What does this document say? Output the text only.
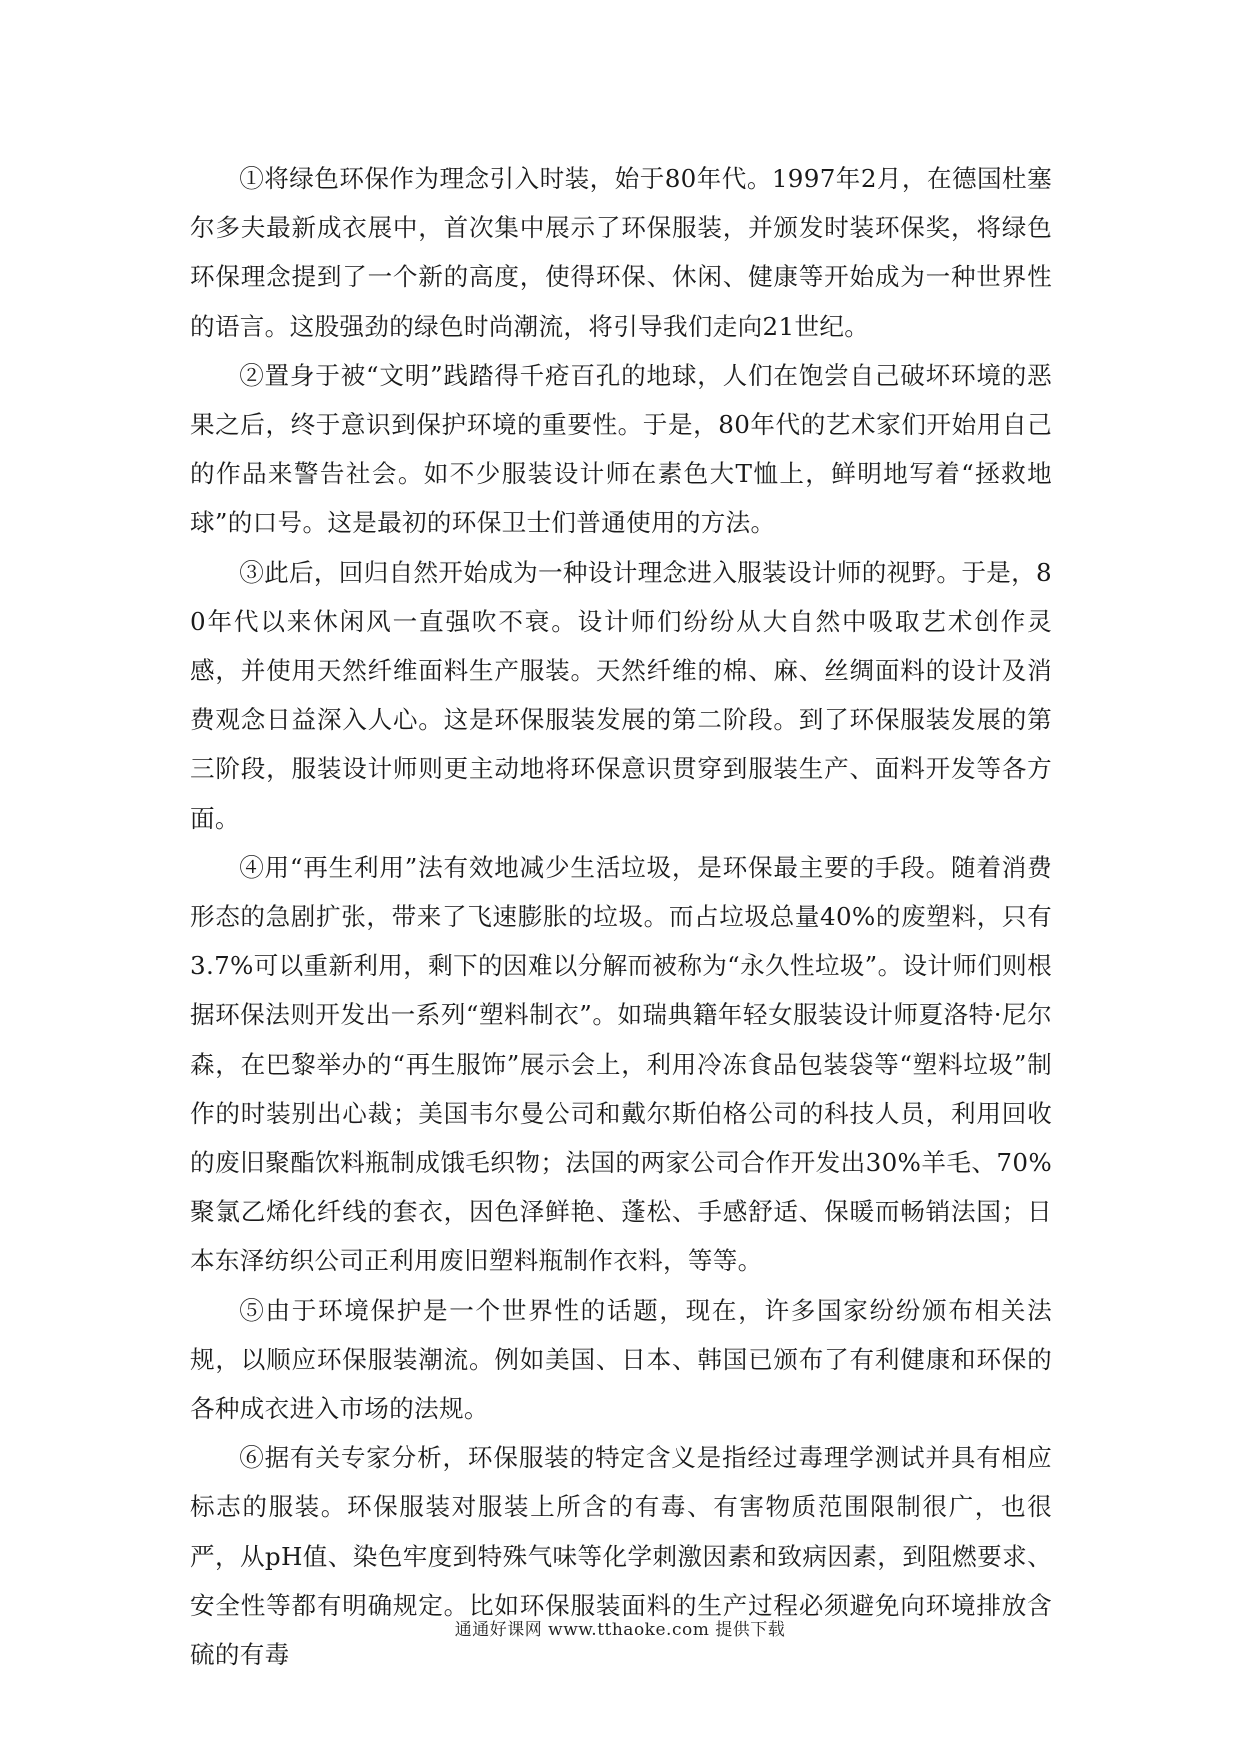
①将绿色环保作为理念引入时装，始于80年代。1997年2月，在德国杜塞尔多夫最新成衣展中，首次集中展示了环保服装，并颁发时装环保奖，将绿色环保理念提到了一个新的高度，使得环保、休闲、健康等开始成为一种世界性的语言。这股强劲的绿色时尚潮流，将引导我们走向21世纪。

②置身于被“文明”践踏得千疮百孔的地球，人们在饱尝自己破坏环境的恶果之后，终于意识到保护环境的重要性。于是，80年代的艺术家们开始用自己的作品来警告社会。如不少服装设计师在素色大T恤上，鲜明地写着“拯救地球”的口号。这是最初的环保卫士们普通使用的方法。

③此后，回归自然开始成为一种设计理念进入服装设计师的视野。于是，80年代以来休闲风一直强吹不衰。设计师们纷纷从大自然中吸取艺术创作灵感，并使用天然纤维面料生产服装。天然纤维的棉、麻、丝绸面料的设计及消费观念日益深入人心。这是环保服装发展的第二阶段。到了环保服装发展的第三阶段，服装设计师则更主动地将环保意识贯穿到服装生产、面料开发等各方面。

④用“再生利用”法有效地减少生活垃圾，是环保最主要的手段。随着消费形态的急剧扩张，带来了飞速膨胀的垃圾。而占垃圾总量40%的废塑料，只有3.7%可以重新利用，剩下的因难以分解而被称为“永久性垃圾”。设计师们则根据环保法则开发出一系列“塑料制衣”。如瑞典籍年轻女服装设计师夏洛特·尼尔森，在巴黎举办的“再生服饰”展示会上，利用冷冻食品包装袋等“塑料垃圾”制作的时装别出心裁；美国韦尔曼公司和戴尔斯伯格公司的科技人员，利用回收的废旧聚酯饮料瓶制成饿毛织物；法国的两家公司合作开发出30%羊毛、70%聚氯乙烯化纤线的套衣，因色泽鲜艳、蓬松、手感舒适、保暖而畅销法国；日本东泽纺织公司正利用废旧塑料瓶制作衣料，等等。

⑤由于环境保护是一个世界性的话题，现在，许多国家纷纷颁布相关法规，以顺应环保服装潮流。例如美国、日本、韩国已颁布了有利健康和环保的各种成衣进入市场的法规。

⑥据有关专家分析，环保服装的特定含义是指经过毒理学测试并具有相应标志的服装。环保服装对服装上所含的有毒、有害物质范围限制很广，也很严，从pH值、染色牢度到特殊气味等化学刺激因素和致病因素，到阻燃要求、安全性等都有明确规定。比如环保服装面料的生产过程必须避免向环境排放含硫的有毒

通通好课网 www.tthaoke.com 提供下载
